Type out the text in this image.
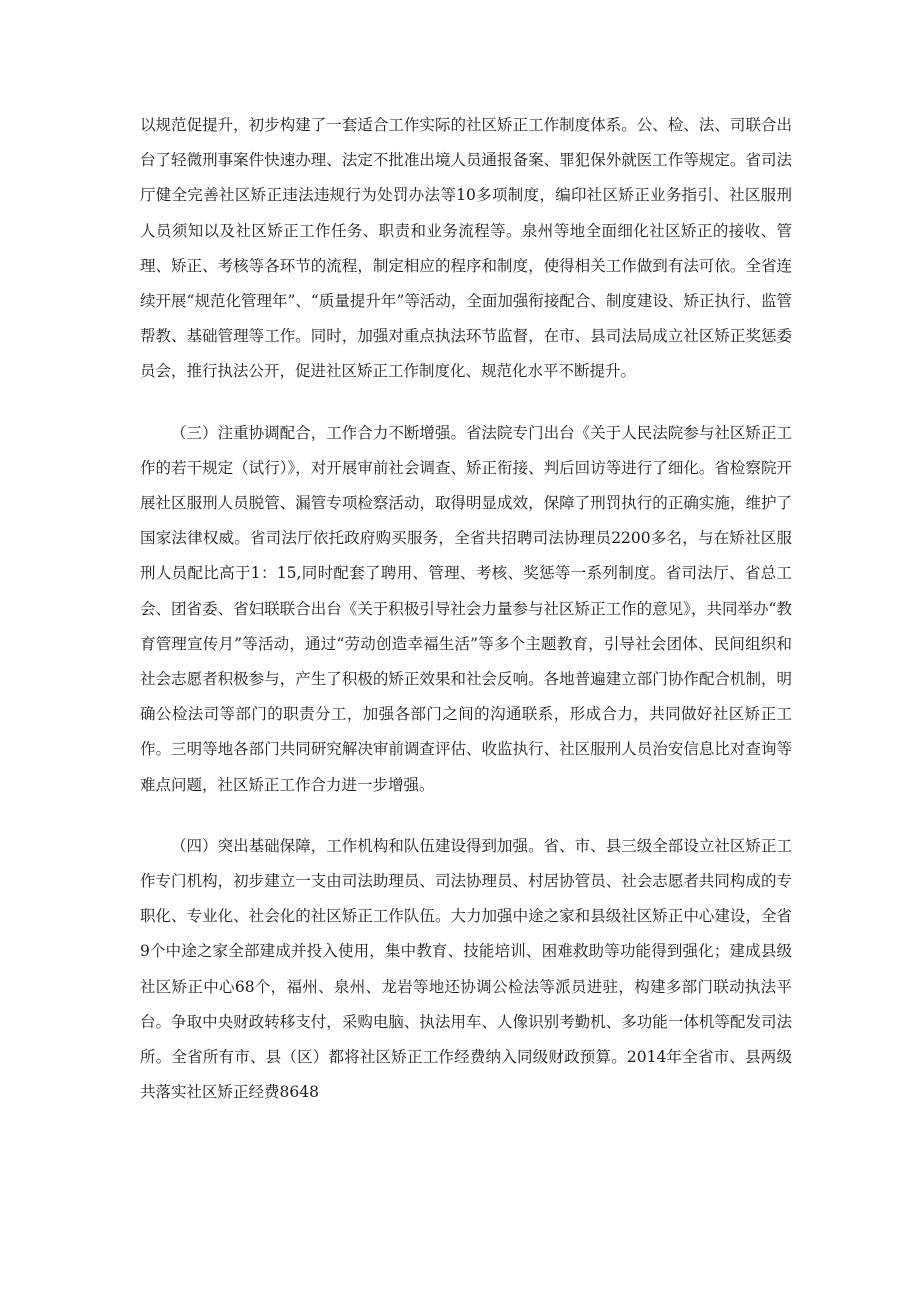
以规范促提升，初步构建了一套适合工作实际的社区矫正工作制度体系。公、检、法、司联合出台了轻微刑事案件快速办理、法定不批准出境人员通报备案、罪犯保外就医工作等规定。省司法厅健全完善社区矫正违法违规行为处罚办法等10多项制度，编印社区矫正业务指引、社区服刑人员须知以及社区矫正工作任务、职责和业务流程等。泉州等地全面细化社区矫正的接收、管理、矫正、考核等各环节的流程，制定相应的程序和制度，使得相关工作做到有法可依。全省连续开展“规范化管理年”、“质量提升年”等活动，全面加强衔接配合、制度建设、矫正执行、监管帮教、基础管理等工作。同时，加强对重点执法环节监督，在市、县司法局成立社区矫正奖惩委员会，推行执法公开，促进社区矫正工作制度化、规范化水平不断提升。

（三）注重协调配合，工作合力不断增强。省法院专门出台《关于人民法院参与社区矫正工作的若干规定（试行）》，对开展审前社会调查、矫正衔接、判后回访等进行了细化。省检察院开展社区服刑人员脱管、漏管专项检察活动，取得明显成效，保障了刑罚执行的正确实施，维护了国家法律权威。省司法厅依托政府购买服务，全省共招聘司法协理员2200多名，与在矫社区服刑人员配比高于1：15,同时配套了聘用、管理、考核、奖惩等一系列制度。省司法厅、省总工会、团省委、省妇联联合出台《关于积极引导社会力量参与社区矫正工作的意见》，共同举办“教育管理宣传月”等活动，通过“劳动创造幸福生活”等多个主题教育，引导社会团体、民间组织和社会志愿者积极参与，产生了积极的矫正效果和社会反响。各地普遍建立部门协作配合机制，明确公检法司等部门的职责分工，加强各部门之间的沟通联系，形成合力，共同做好社区矫正工作。三明等地各部门共同研究解决审前调查评估、收监执行、社区服刑人员治安信息比对查询等难点问题，社区矫正工作合力进一步增强。

（四）突出基础保障，工作机构和队伍建设得到加强。省、市、县三级全部设立社区矫正工作专门机构，初步建立一支由司法助理员、司法协理员、村居协管员、社会志愿者共同构成的专职化、专业化、社会化的社区矫正工作队伍。大力加强中途之家和县级社区矫正中心建设，全省9个中途之家全部建成并投入使用，集中教育、技能培训、困难救助等功能得到强化；建成县级社区矫正中心68个，福州、泉州、龙岩等地还协调公检法等派员进驻，构建多部门联动执法平台。争取中央财政转移支付，采购电脑、执法用车、人像识别考勤机、多功能一体机等配发司法所。全省所有市、县（区）都将社区矫正工作经费纳入同级财政预算。2014年全省市、县两级共落实社区矫正经费8648
